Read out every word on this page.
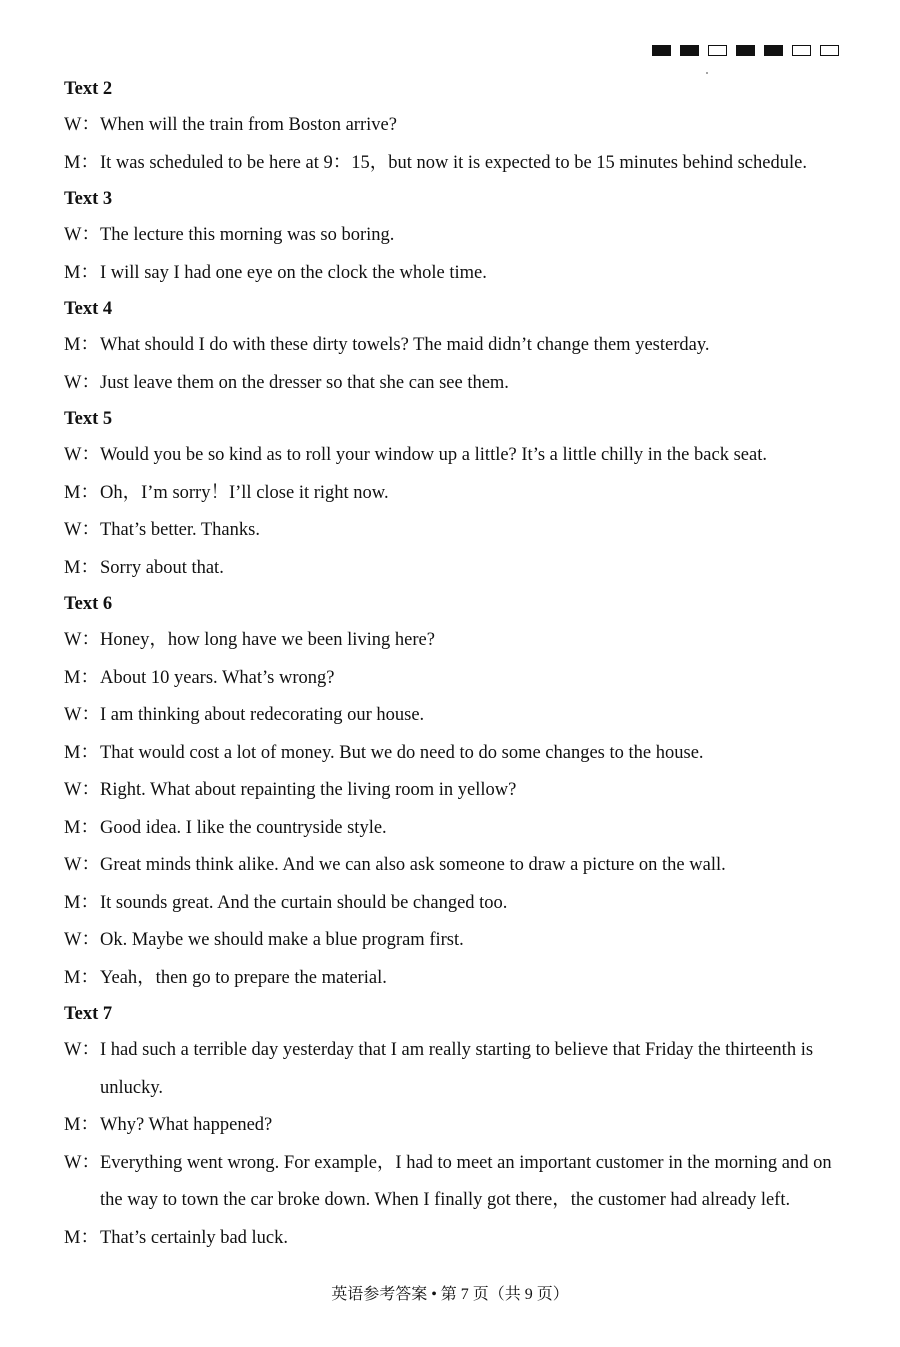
Text 2
W： When will the train from Boston arrive?
M： It was scheduled to be here at 9：15，but now it is expected to be 15 minutes behind schedule.
Text 3
W： The lecture this morning was so boring.
M： I will say I had one eye on the clock the whole time.
Text 4
M： What should I do with these dirty towels? The maid didn’t change them yesterday.
W： Just leave them on the dresser so that she can see them.
Text 5
W： Would you be so kind as to roll your window up a little? It’s a little chilly in the back seat.
M： Oh，I’m sorry！I’ll close it right now.
W： That’s better. Thanks.
M： Sorry about that.
Text 6
W： Honey，how long have we been living here?
M： About 10 years. What’s wrong?
W： I am thinking about redecorating our house.
M： That would cost a lot of money. But we do need to do some changes to the house.
W： Right. What about repainting the living room in yellow?
M： Good idea. I like the countryside style.
W： Great minds think alike. And we can also ask someone to draw a picture on the wall.
M： It sounds great. And the curtain should be changed too.
W： Ok. Maybe we should make a blue program first.
M： Yeah，then go to prepare the material.
Text 7
W： I had such a terrible day yesterday that I am really starting to believe that Friday the thirteenth is unlucky.
M： Why? What happened?
W： Everything went wrong. For example，I had to meet an important customer in the morning and on the way to town the car broke down. When I finally got there，the customer had already left.
M： That’s certainly bad luck.
英语参考答案 • 第 7 页（共 9 页）
